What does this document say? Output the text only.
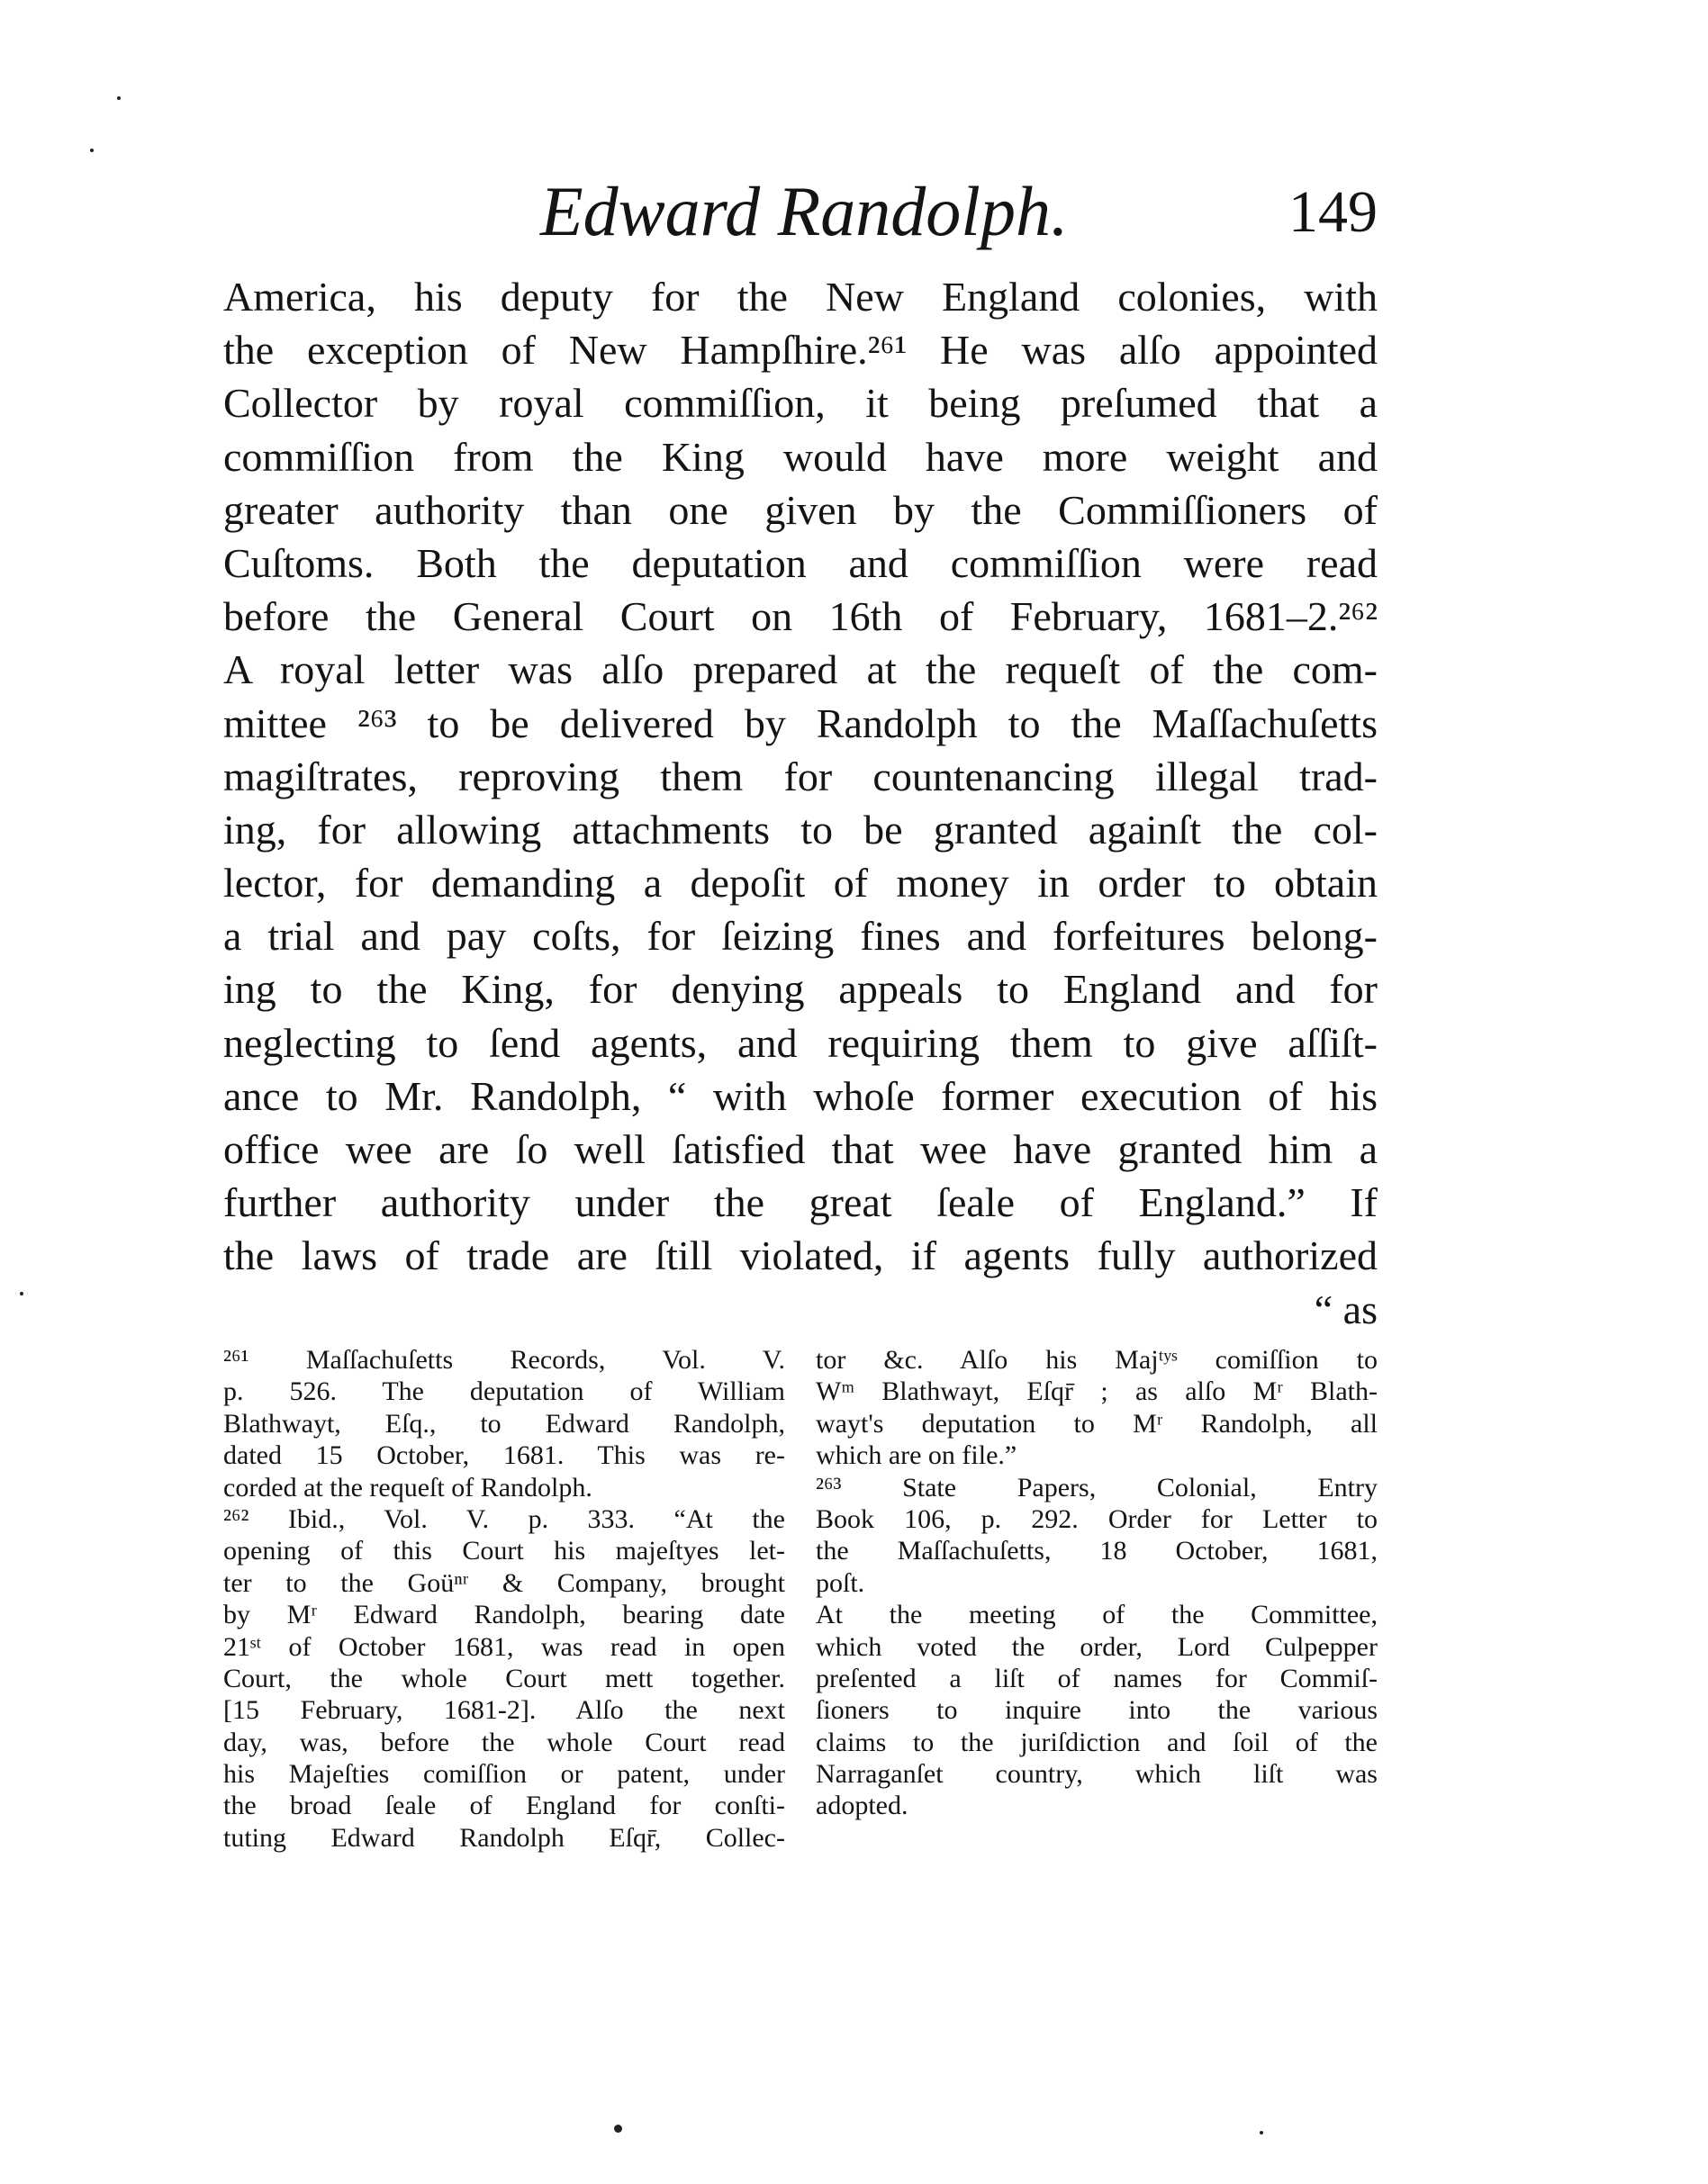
Edward Randolph.	149
America, his deputy for the New England colonies, with
the exception of New Hampſhire.²⁶¹ He was alſo appointed
Collector by royal commiſſion, it being preſumed that a
commiſſion from the King would have more weight and
greater authority than one given by the Commiſſioners of
Cuſtoms. Both the deputation and commiſſion were read
before the General Court on 16th of February, 1681–2.²⁶²
A royal letter was alſo prepared at the requeſt of the com-
mittee ²⁶³ to be delivered by Randolph to the Maſſachuſetts
magiſtrates, reproving them for countenancing illegal trad-
ing, for allowing attachments to be granted againſt the col-
lector, for demanding a depoſit of money in order to obtain
a trial and pay coſts, for ſeizing fines and forfeitures belong-
ing to the King, for denying appeals to England and for
neglecting to ſend agents, and requiring them to give aſſiſt-
ance to Mr. Randolph, “ with whoſe former execution of his
office wee are ſo well ſatisfied that wee have granted him a
further authority under the great ſeale of England.” If
the laws of trade are ſtill violated, if agents fully authorized
“ as
²⁶¹ Maſſachuſetts Records, Vol. V.
p. 526. The deputation of William
Blathwayt, Eſq., to Edward Randolph,
dated 15 October, 1681. This was re-
corded at the requeſt of Randolph.
²⁶² Ibid., Vol. V. p. 333. “At the
opening of this Court his majeſtyes let-
ter to the Goüⁿʳ & Company, brought
by Mʳ Edward Randolph, bearing date
21ˢᵗ of October 1681, was read in open
Court, the whole Court mett together.
[15 February, 1681-2]. Alſo the next
day, was, before the whole Court read
his Majeſties comiſſion or patent, under
the broad ſeale of England for conſti-
tuting Edward Randolph Eſqr̄, Collec-
tor &c. Alſo his Majᵗʸˢ comiſſion to
Wᵐ Blathwayt, Eſqr̄ ; as alſo Mʳ Blath-
wayt's deputation to Mʳ Randolph, all
which are on file.”
²⁶³ State Papers, Colonial, Entry
Book 106, p. 292. Order for Letter to
the Maſſachuſetts, 18 October, 1681,
poſt.
At the meeting of the Committee,
which voted the order, Lord Culpepper
preſented a liſt of names for Commiſ-
ſioners to inquire into the various
claims to the juriſdiction and ſoil of the
Narraganſet country, which liſt was
adopted.
